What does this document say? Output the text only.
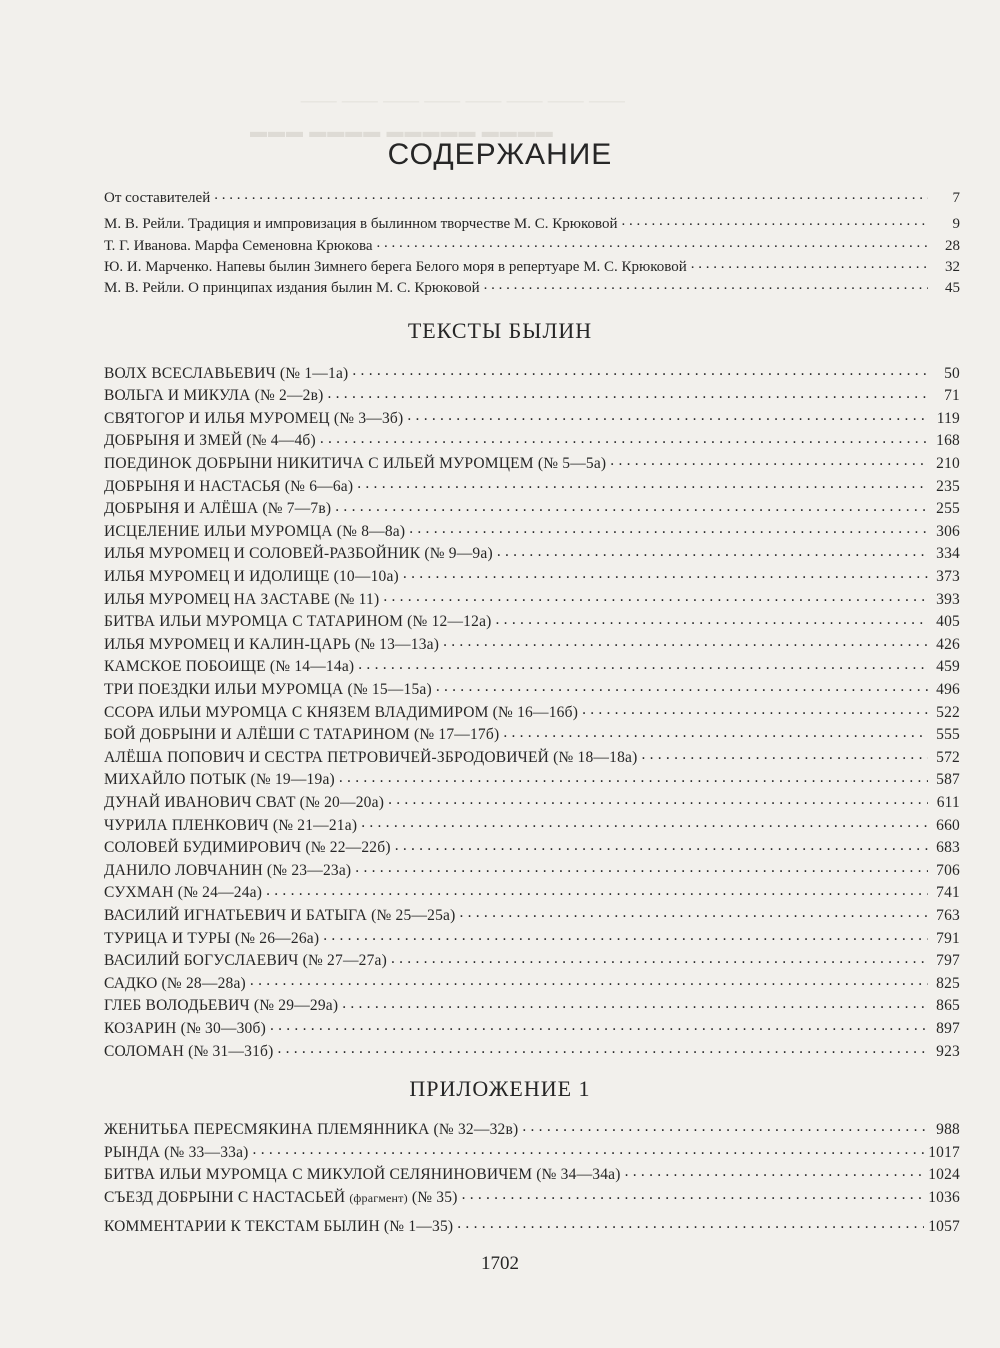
⸻ ⸻ ⸻ ⸻ ⸻ ⸻ ⸻ ⸻
▬▬▬ ▬▬▬▬ ▬▬▬▬▬ ▬▬▬▬
СОДЕРЖАНИЕ
От составителей . . .	7
М. В. Рейли. Традиция и импровизация в былинном творчестве М. С. Крюковой . . .	9
Т. Г. Иванова. Марфа Семеновна Крюкова . . .	28
Ю. И. Марченко. Напевы былин Зимнего берега Белого моря в репертуаре М. С. Крюковой . . .	32
М. В. Рейли. О принципах издания былин М. С. Крюковой . . .	45
ТЕКСТЫ БЫЛИН
ВОЛХ ВСЕСЛАВЬЕВИЧ (№ 1—1а) . . .	50
ВОЛЬГА И МИКУЛА (№ 2—2в) . . .	71
СВЯТОГОР И ИЛЬЯ МУРОМЕЦ (№ 3—3б) . . .	119
ДОБРЫНЯ И ЗМЕЙ (№ 4—4б) . . .	168
ПОЕДИНОК ДОБРЫНИ НИКИТИЧА С ИЛЬЕЙ МУРОМЦЕМ (№ 5—5а) . . .	210
ДОБРЫНЯ И НАСТАСЬЯ (№ 6—6а) . . .	235
ДОБРЫНЯ И АЛЁША (№ 7—7в) . . .	255
ИСЦЕЛЕНИЕ ИЛЬИ МУРОМЦА (№ 8—8а) . . .	306
ИЛЬЯ МУРОМЕЦ И СОЛОВЕЙ-РАЗБОЙНИК (№ 9—9а) . . .	334
ИЛЬЯ МУРОМЕЦ И ИДОЛИЩЕ (10—10а) . . .	373
ИЛЬЯ МУРОМЕЦ НА ЗАСТАВЕ (№ 11) . . .	393
БИТВА ИЛЬИ МУРОМЦА С ТАТАРИНОМ (№ 12—12а) . . .	405
ИЛЬЯ МУРОМЕЦ И КАЛИН-ЦАРЬ (№ 13—13а) . . .	426
КАМСКОЕ ПОБОИЩЕ (№ 14—14а) . . .	459
ТРИ ПОЕЗДКИ ИЛЬИ МУРОМЦА (№ 15—15а) . . .	496
ССОРА ИЛЬИ МУРОМЦА С КНЯЗЕМ ВЛАДИМИРОМ (№ 16—16б) . . .	522
БОЙ ДОБРЫНИ И АЛЁШИ С ТАТАРИНОМ (№ 17—17б) . . .	555
АЛЁША ПОПОВИЧ И СЕСТРА ПЕТРОВИЧЕЙ-ЗБРОДОВИЧЕЙ (№ 18—18а) . . .	572
МИХАЙЛО ПОТЫК (№ 19—19а) . . .	587
ДУНАЙ ИВАНОВИЧ СВАТ (№ 20—20а) . . .	611
ЧУРИЛА ПЛЕНКОВИЧ (№ 21—21а) . . .	660
СОЛОВЕЙ БУДИМИРОВИЧ (№ 22—22б) . . .	683
ДАНИЛО ЛОВЧАНИН (№ 23—23а) . . .	706
СУХМАН (№ 24—24а) . . .	741
ВАСИЛИЙ ИГНАТЬЕВИЧ И БАТЫГА (№ 25—25а) . . .	763
ТУРИЦА И ТУРЫ (№ 26—26а) . . .	791
ВАСИЛИЙ БОГУСЛАЕВИЧ (№ 27—27а) . . .	797
САДКО (№ 28—28а) . . .	825
ГЛЕБ ВОЛОДЬЕВИЧ (№ 29—29а) . . .	865
КОЗАРИН (№ 30—30б) . . .	897
СОЛОМАН (№ 31—31б) . . .	923
ПРИЛОЖЕНИЕ 1
ЖЕНИТЬБА ПЕРЕСМЯКИНА ПЛЕМЯННИКА (№ 32—32в) . . .	988
РЫНДА (№ 33—33а) . . .	1017
БИТВА ИЛЬИ МУРОМЦА С МИКУЛОЙ СЕЛЯНИНОВИЧЕМ (№ 34—34а) . . .	1024
СЪЕЗД ДОБРЫНИ С НАСТАСЬЕЙ (фрагмент) (№ 35) . . .	1036
КОММЕНТАРИИ К ТЕКСТАМ БЫЛИН (№ 1—35) . . .	1057
1702
